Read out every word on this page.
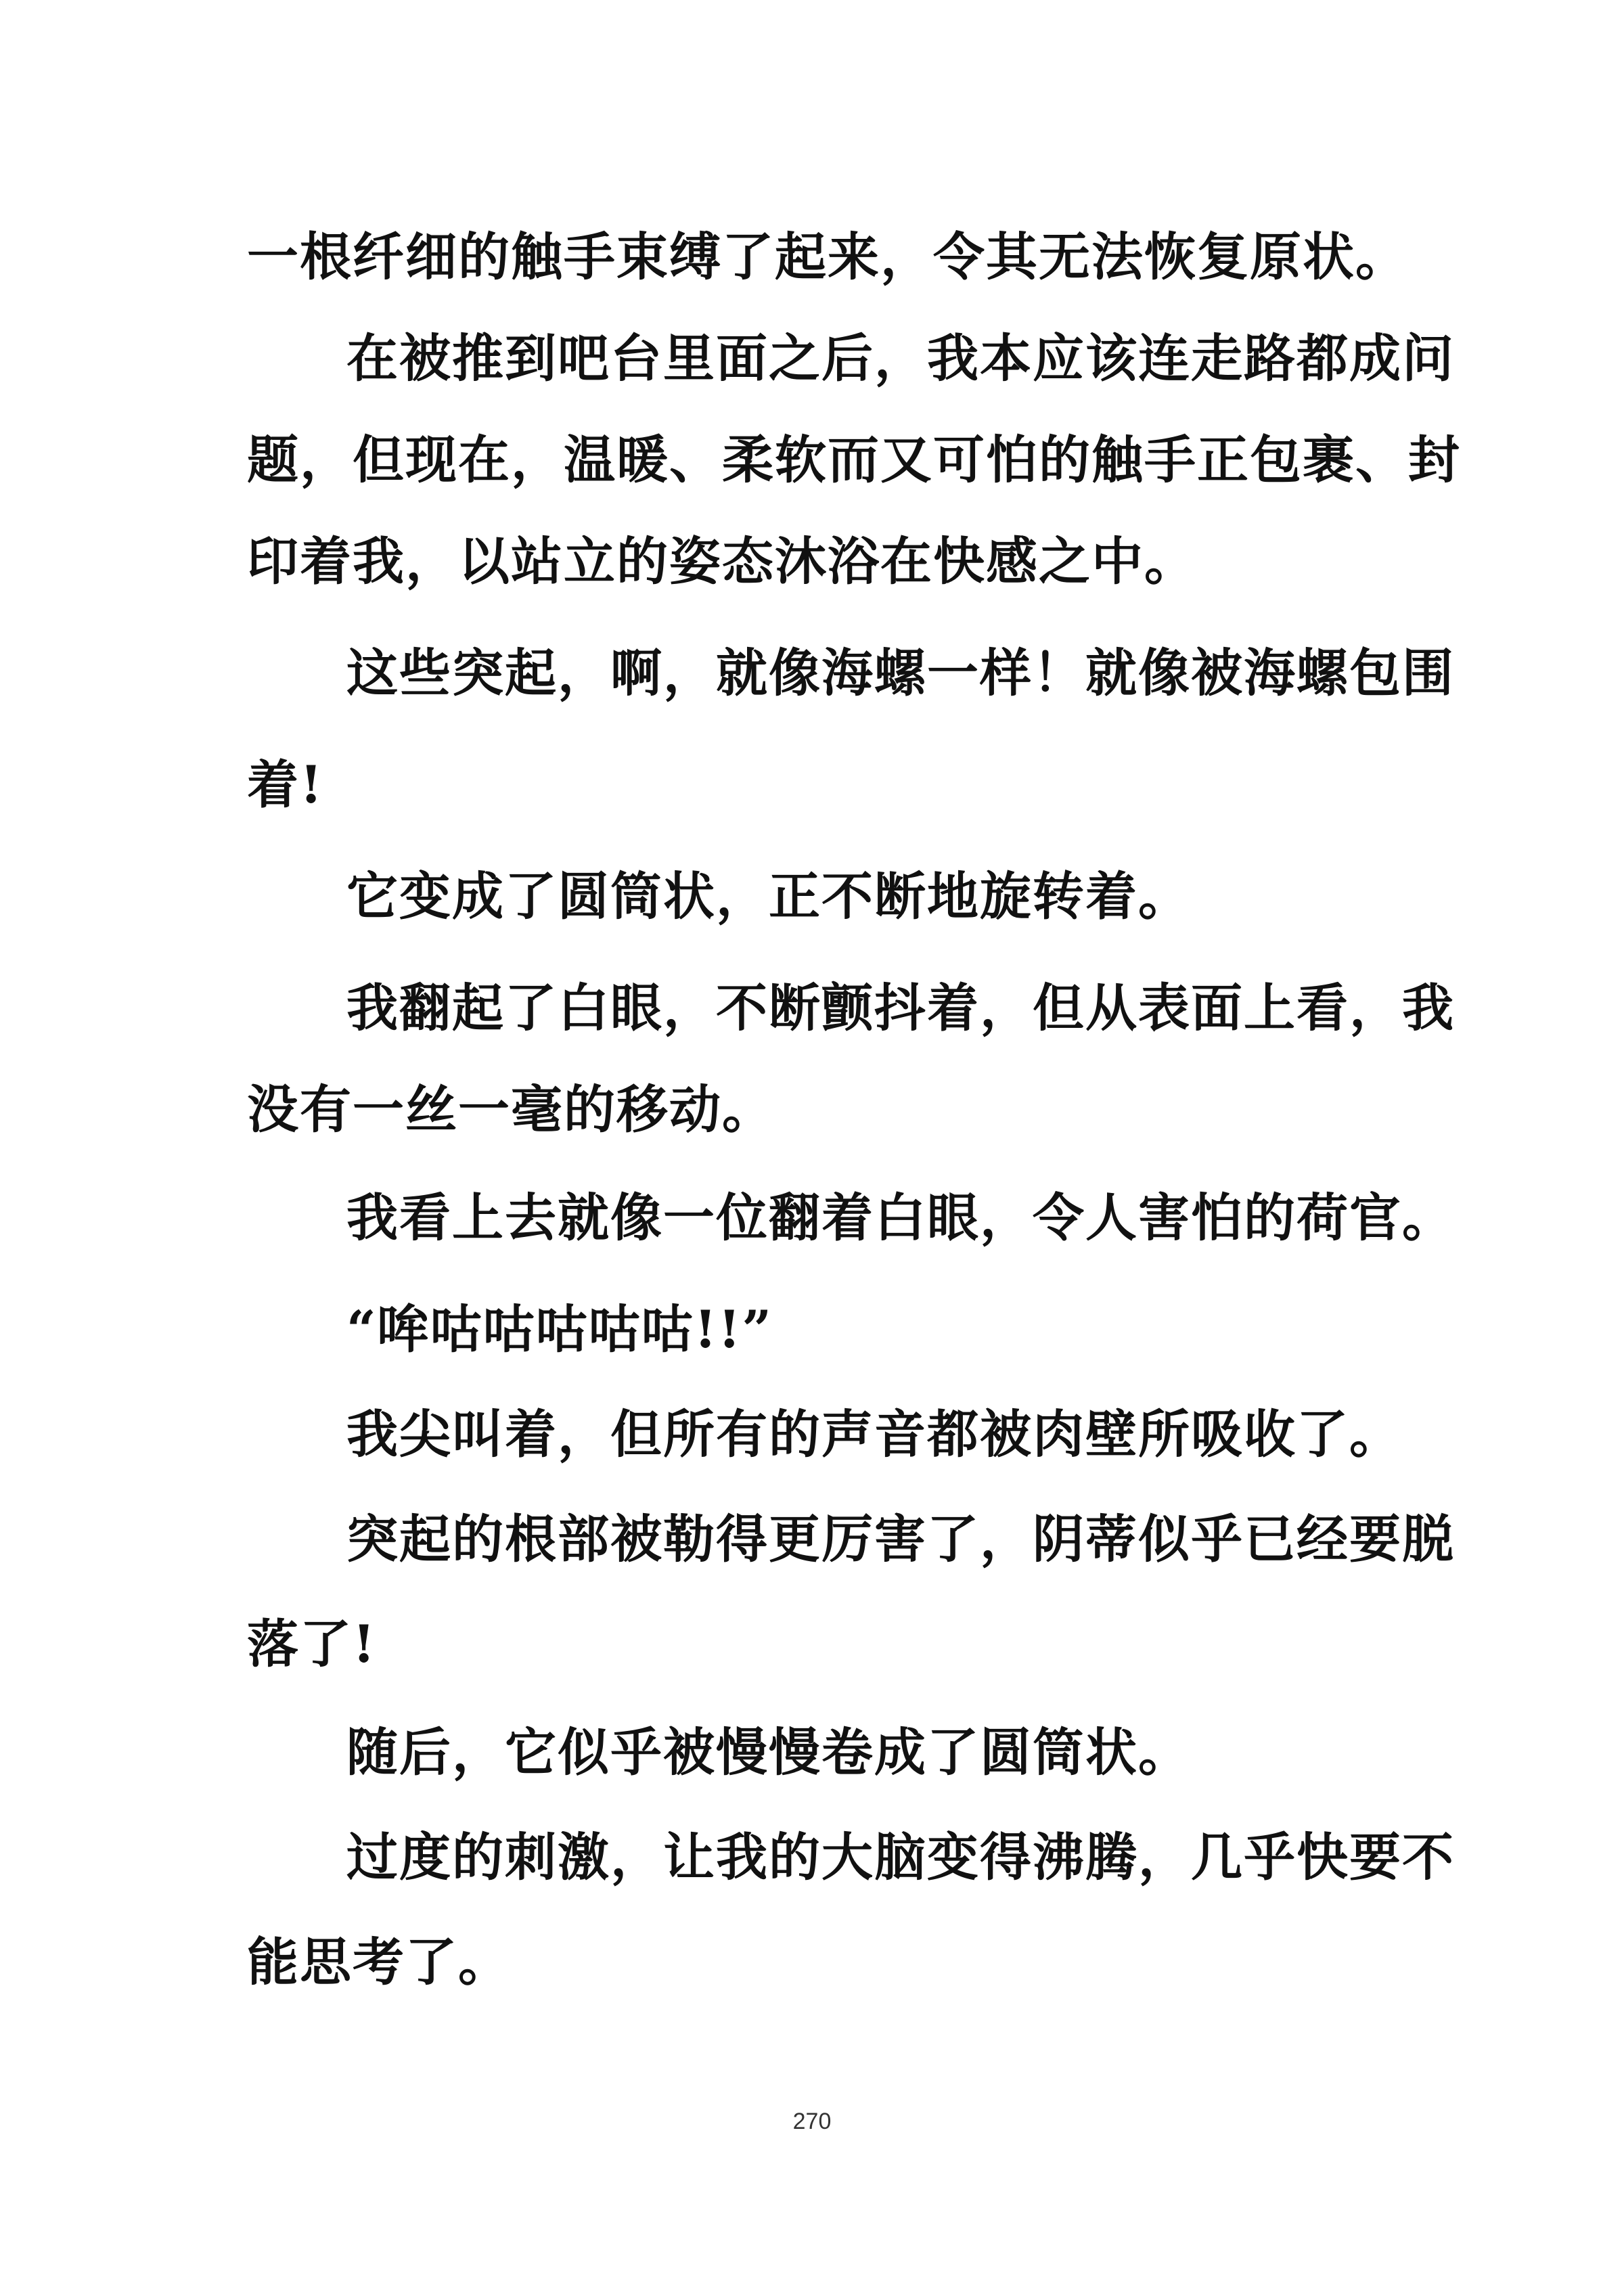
一根纤细的触手束缚了起来，令其无法恢复原状。
在被推到吧台里面之后，我本应该连走路都成问
题，但现在，温暖、柔软而又可怕的触手正包裹、封
印着我，以站立的姿态沐浴在快感之中。
这些突起，啊，就像海螺一样！就像被海螺包围
着!
它变成了圆筒状，正不断地旋转着。
我翻起了白眼，不断颤抖着，但从表面上看，我
没有一丝一毫的移动。
我看上去就像一位翻着白眼，令人害怕的荷官。
“哞咕咕咕咕咕!!”
我尖叫着，但所有的声音都被肉壁所吸收了。
突起的根部被勒得更厉害了，阴蒂似乎已经要脱
落了!
随后，它似乎被慢慢卷成了圆筒状。
过度的刺激，让我的大脑变得沸腾，几乎快要不
能思考了。
270
